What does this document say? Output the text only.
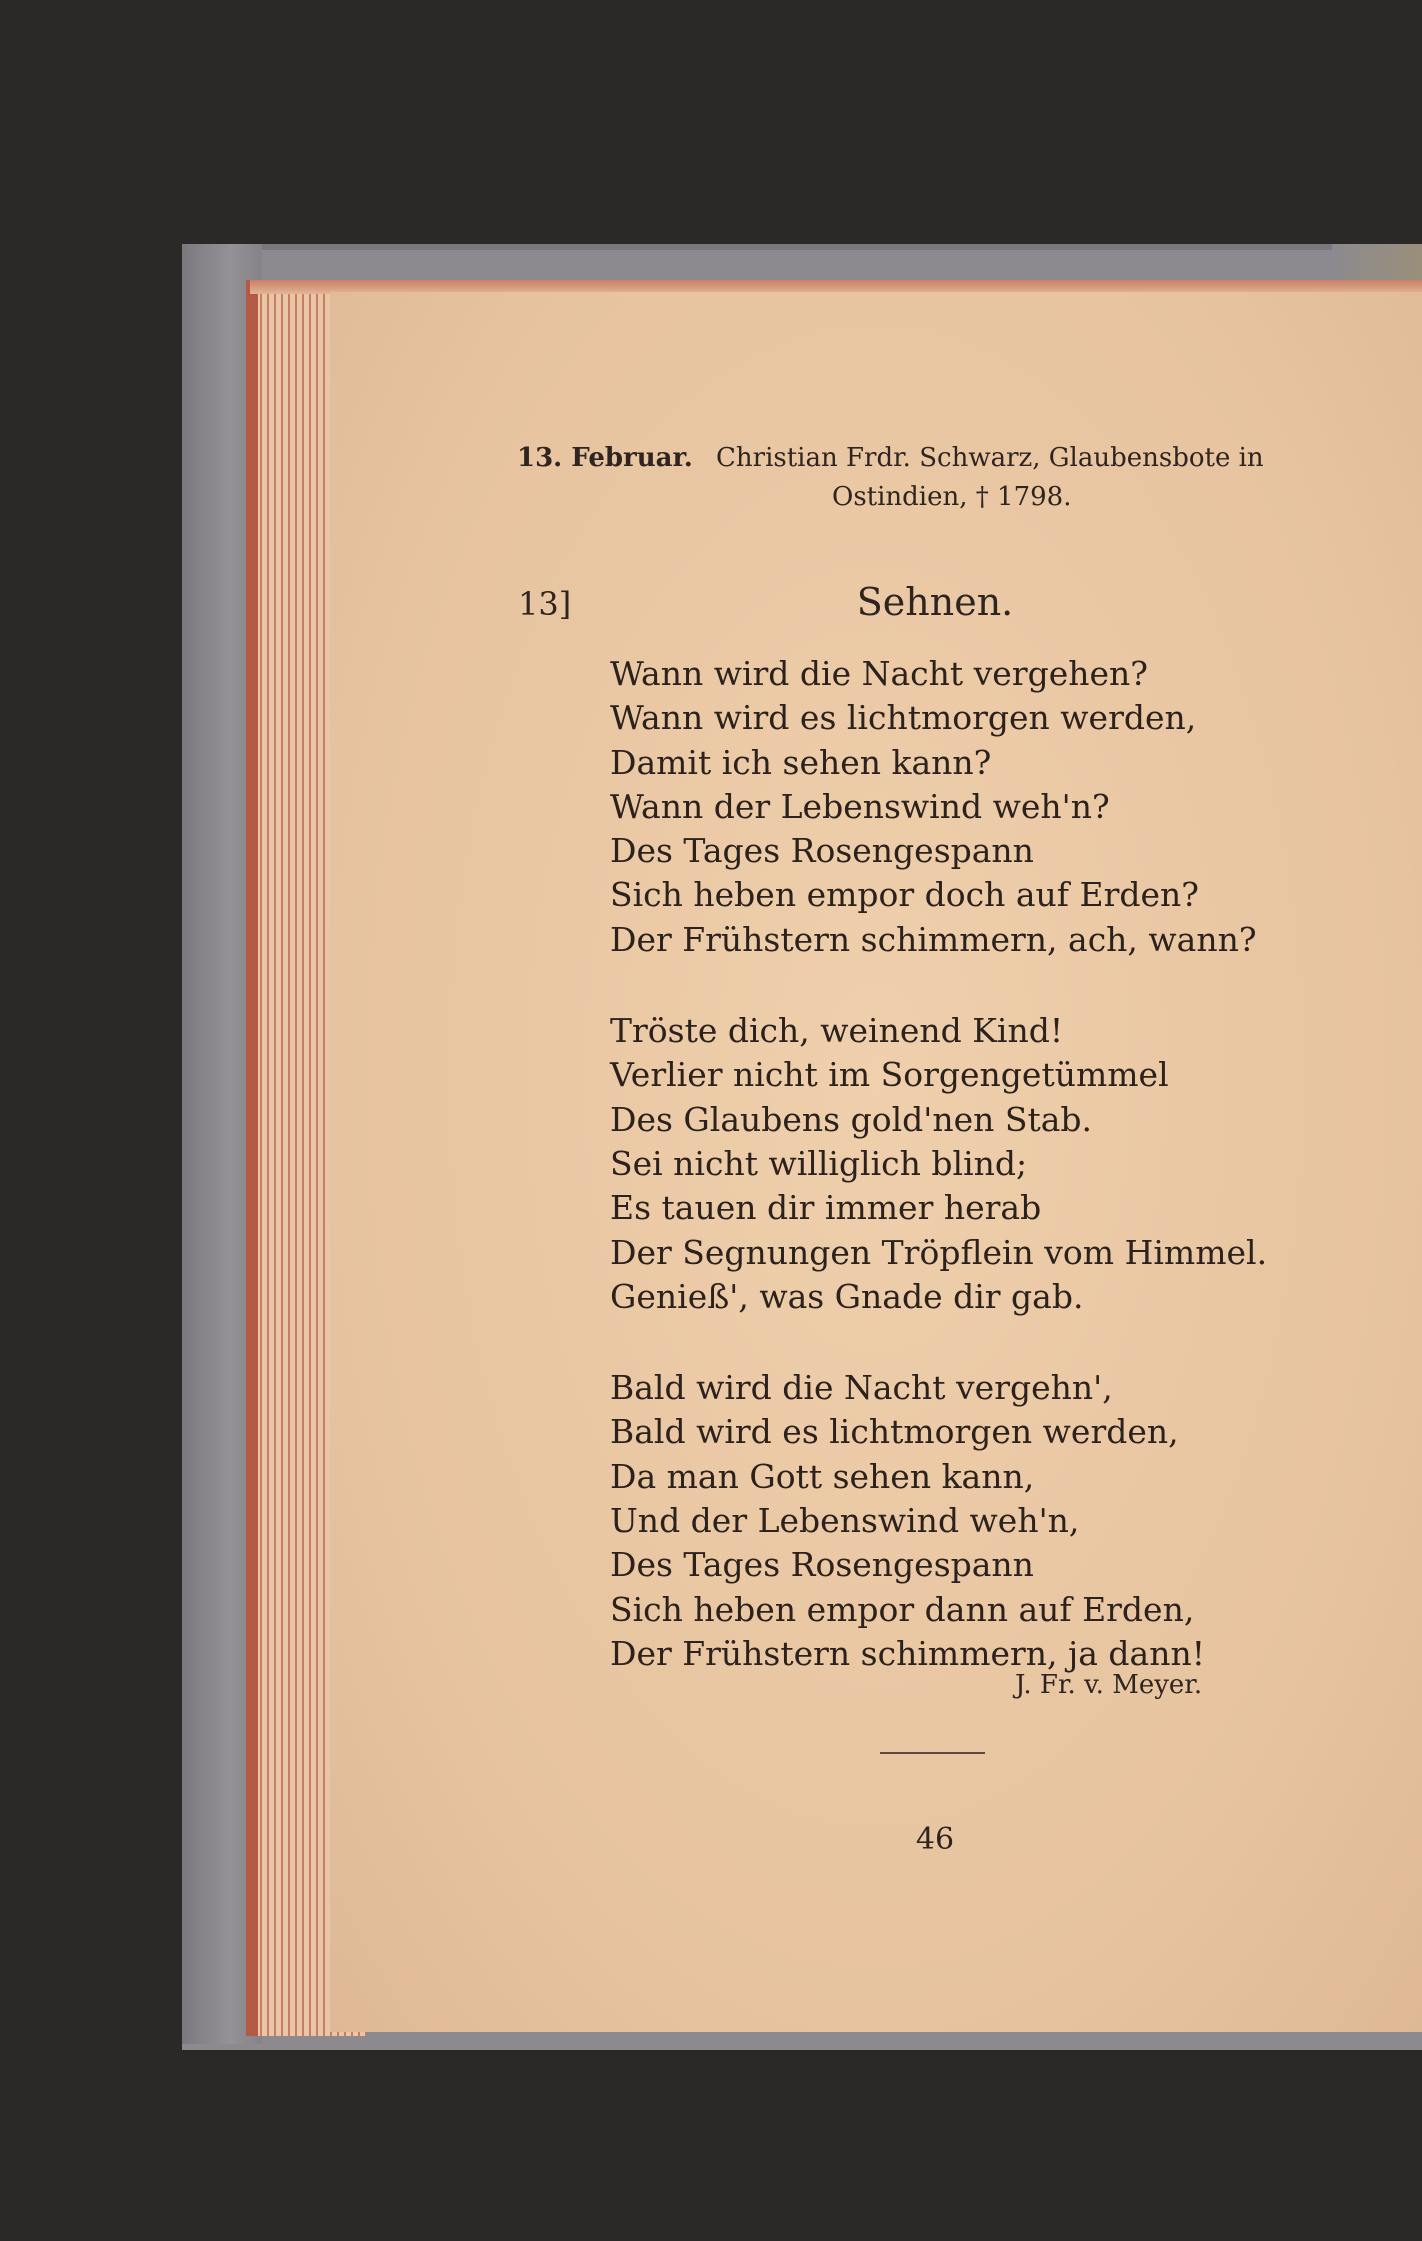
13. Februar. Christian Frdr. Schwarz, Glaubensbote in
Ostindien, † 1798.
13]	Sehnen.
Wann wird die Nacht vergehen?
Wann wird es lichtmorgen werden,
Damit ich sehen kann?
Wann der Lebenswind weh'n?
Des Tages Rosengespann
Sich heben empor doch auf Erden?
Der Frühstern schimmern, ach, wann?
Tröste dich, weinend Kind!
Verlier nicht im Sorgengetümmel
Des Glaubens gold'nen Stab.
Sei nicht williglich blind;
Es tauen dir immer herab
Der Segnungen Tröpflein vom Himmel.
Genieß', was Gnade dir gab.
Bald wird die Nacht vergehn',
Bald wird es lichtmorgen werden,
Da man Gott sehen kann,
Und der Lebenswind weh'n,
Des Tages Rosengespann
Sich heben empor dann auf Erden,
Der Frühstern schimmern, ja dann!
J. Fr. v. Meyer.
46
